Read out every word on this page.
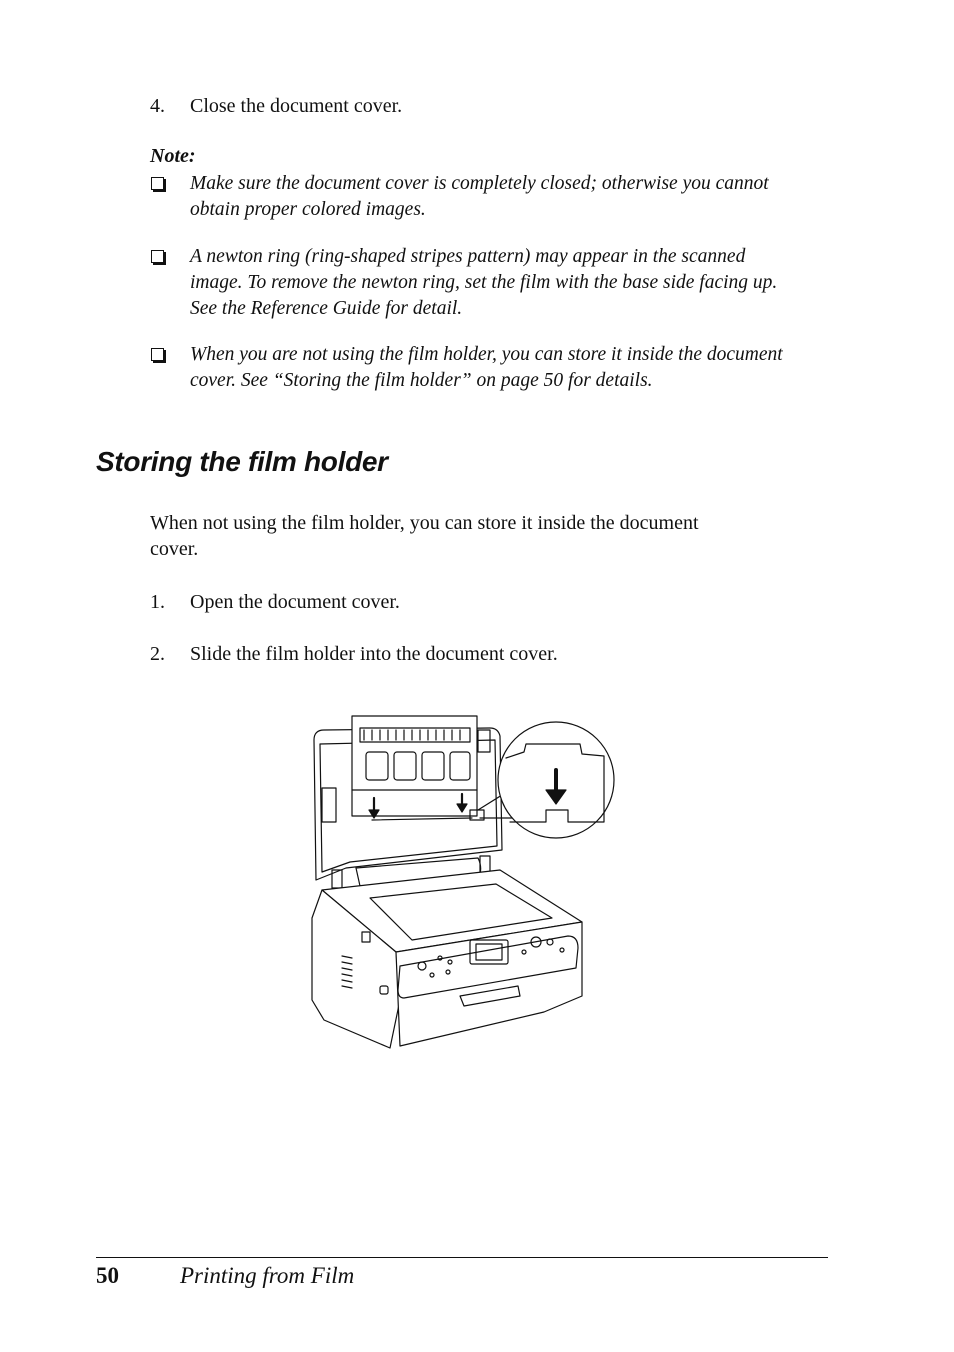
4.	Close the document cover.
Note:
Make sure the document cover is completely closed; otherwise you cannot
obtain proper colored images.
A newton ring (ring-shaped stripes pattern) may appear in the scanned
image. To remove the newton ring, set the film with the base side facing up.
See the Reference Guide for detail.
When you are not using the film holder, you can store it inside the document
cover. See “Storing the film holder” on page 50 for details.
Storing the film holder
When not using the film holder, you can store it inside the document
cover.
1.	Open the document cover.
2.	Slide the film holder into the document cover.
50	Printing from Film
